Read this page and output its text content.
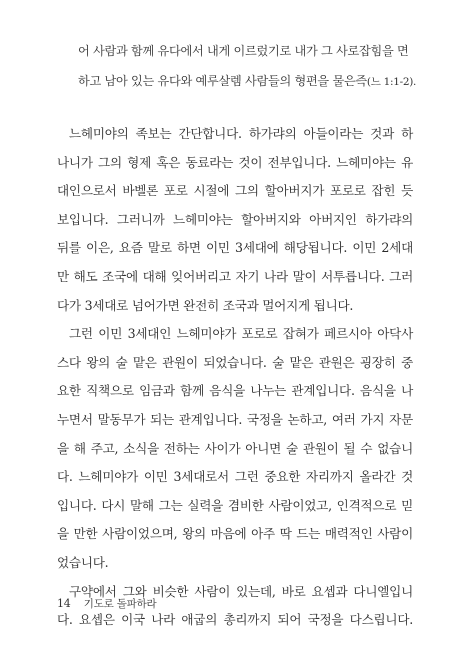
어 사람과 함께 유다에서 내게 이르렀기로 내가 그 사로잡힘을 면
하고 남아 있는 유다와 예루살렘 사람들의 형편을 물은즉(느 1:1-2).
느헤미야의 족보는 간단합니다. 하가랴의 아들이라는 것과 하
나니가 그의 형제 혹은 동료라는 것이 전부입니다. 느헤미야는 유
대인으로서 바벨론 포로 시절에 그의 할아버지가 포로로 잡힌 듯
보입니다. 그러니까 느헤미야는 할아버지와 아버지인 하가랴의
뒤를 이은, 요즘 말로 하면 이민 3세대에 해당됩니다. 이민 2세대
만 해도 조국에 대해 잊어버리고 자기 나라 말이 서투릅니다. 그러
다가 3세대로 넘어가면 완전히 조국과 멀어지게 됩니다.
그런 이민 3세대인 느헤미야가 포로로 잡혀가 페르시아 아닥사
스다 왕의 술 맡은 관원이 되었습니다. 술 맡은 관원은 굉장히 중
요한 직책으로 임금과 함께 음식을 나누는 관계입니다. 음식을 나
누면서 말동무가 되는 관계입니다. 국정을 논하고, 여러 가지 자문
을 해 주고, 소식을 전하는 사이가 아니면 술 관원이 될 수 없습니
다. 느헤미야가 이민 3세대로서 그런 중요한 자리까지 올라간 것
입니다. 다시 말해 그는 실력을 겸비한 사람이었고, 인격적으로 믿
을 만한 사람이었으며, 왕의 마음에 아주 딱 드는 매력적인 사람이
었습니다.
구약에서 그와 비슷한 사람이 있는데, 바로 요셉과 다니엘입니
다. 요셉은 이국 나라 애굽의 총리까지 되어 국정을 다스립니다.
14 기도로 돌파하라
